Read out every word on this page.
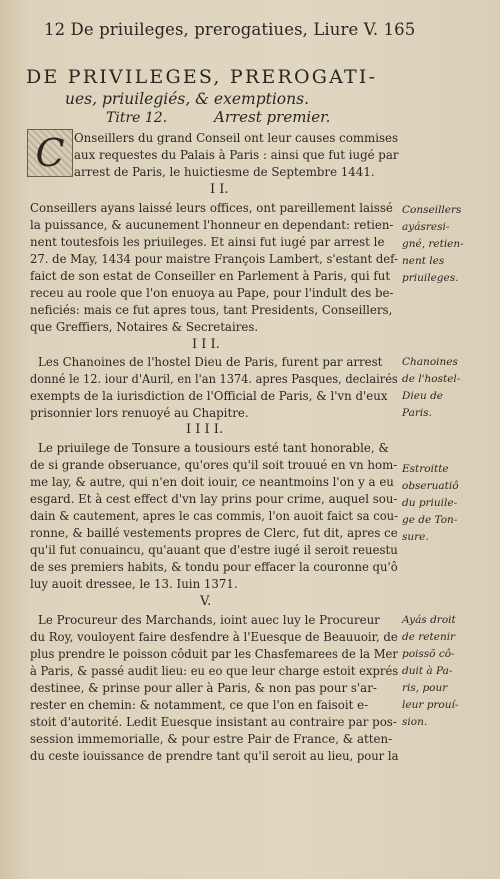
12 De priuileges, prerogatiues, Liure V. 165
DE PRIVILEGES, PREROGATI-
ues, priuilegiés, & exemptions.
Titre 12.	Arrest premier.
C Onseillers du grand Conseil ont leur causes commises
aux requestes du Palais à Paris : ainsi que fut iugé par
arrest de Paris, le huictiesme de Septembre 1441.
I I.
Conseillers ayans laissé leurs offices, ont pareillement laissé
la puissance, & aucunement l'honneur en dependant: retien-
nent toutesfois les priuileges. Et ainsi fut iugé par arrest le
27. de May, 1434 pour maistre François Lambert, s'estant def-
faict de son estat de Conseiller en Parlement à Paris, qui fut
receu au roole que l'on enuoya au Pape, pour l'indult des be-
neficiés: mais ce fut apres tous, tant Presidents, Conseillers,
que Greffiers, Notaires & Secretaires.
I I I.
Les Chanoines de l'hostel Dieu de Paris, furent par arrest
donné le 12. iour d'Auril, en l'an 1374. apres Pasques, declairés
exempts de la iurisdiction de l'Official de Paris, & l'vn d'eux
prisonnier lors renuoyé au Chapitre.
I I I I.
Le priuilege de Tonsure a tousiours esté tant honorable, &
de si grande obseruance, qu'ores qu'il soit trouué en vn hom-
me lay, & autre, qui n'en doit iouir, ce neantmoins l'on y a eu
esgard. Et à cest effect d'vn lay prins pour crime, auquel sou-
dain & cautement, apres le cas commis, l'on auoit faict sa cou-
ronne, & baillé vestements propres de Clerc, fut dit, apres ce
qu'il fut conuaincu, qu'auant que d'estre iugé il seroit reuestu
de ses premiers habits, & tondu pour effacer la couronne qu'ô
luy auoit dressee, le 13. Iuin 1371.
V.
Le Procureur des Marchands, ioint auec luy le Procureur
du Roy, vouloyent faire desfendre à l'Euesque de Beauuoir, de
plus prendre le poisson côduit par les Chasfemarees de la Mer
à Paris, & passé audit lieu: eu eo que leur charge estoit exprés
destinee, & prinse pour aller à Paris, & non pas pour s'ar-
rester en chemin: & notamment, ce que l'on en faisoit e-
stoit d'autorité. Ledit Euesque insistant au contraire par pos-
session immemorialle, & pour estre Pair de France, & atten-
du ceste iouissance de prendre tant qu'il seroit au lieu, pour la
Conseillers
ayásresi-
gné, retien-
nent les
priuileges.
Chanoines
de l'hostel-
Dieu de
Paris.
Estroitte
obseruatiô
du priuile-
ge de Ton-
sure.
Ayás droit
de retenir
poissõ cô-
duit à Pa-
ris, pour
leur prouí-
sion.
